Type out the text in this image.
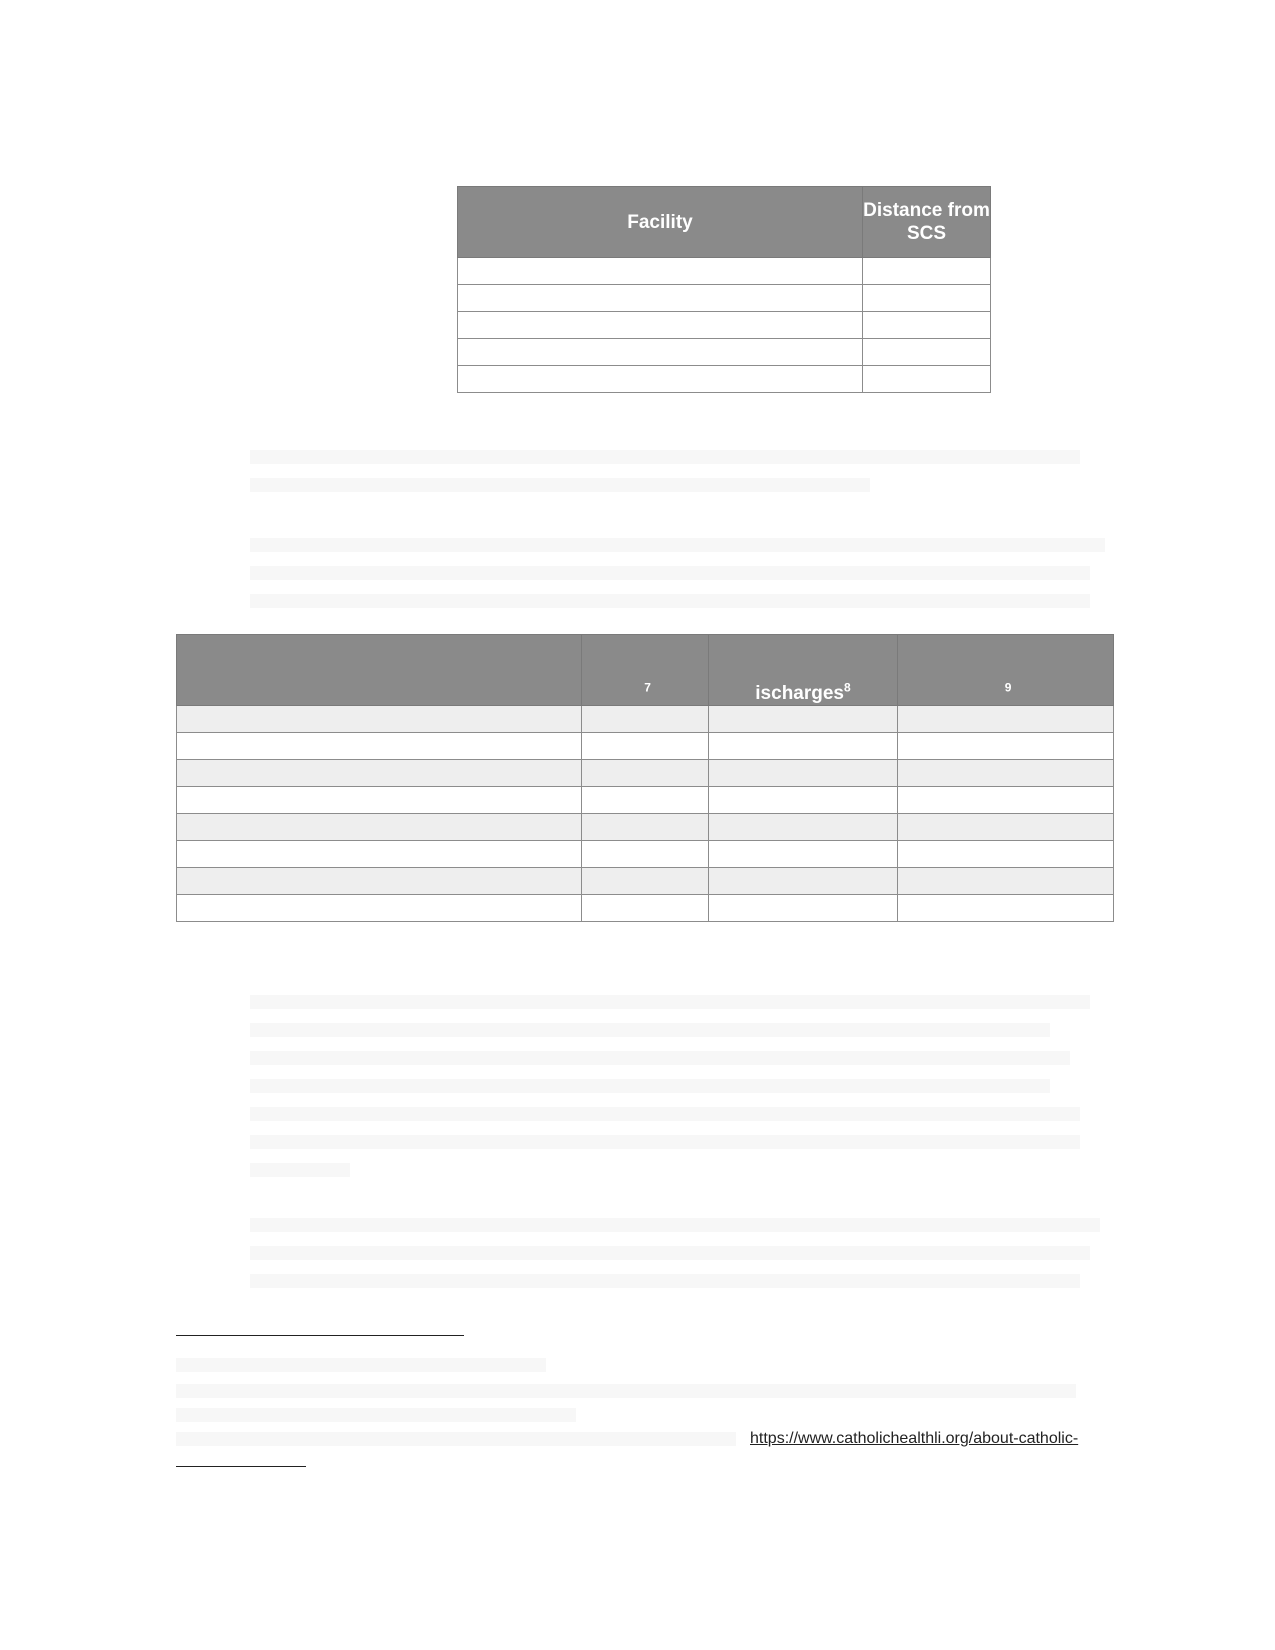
Facility	Distance from SCS

	$^7$	ischarges$^8$	$^9$

https://www.catholichealthli.org/about-catholic-
